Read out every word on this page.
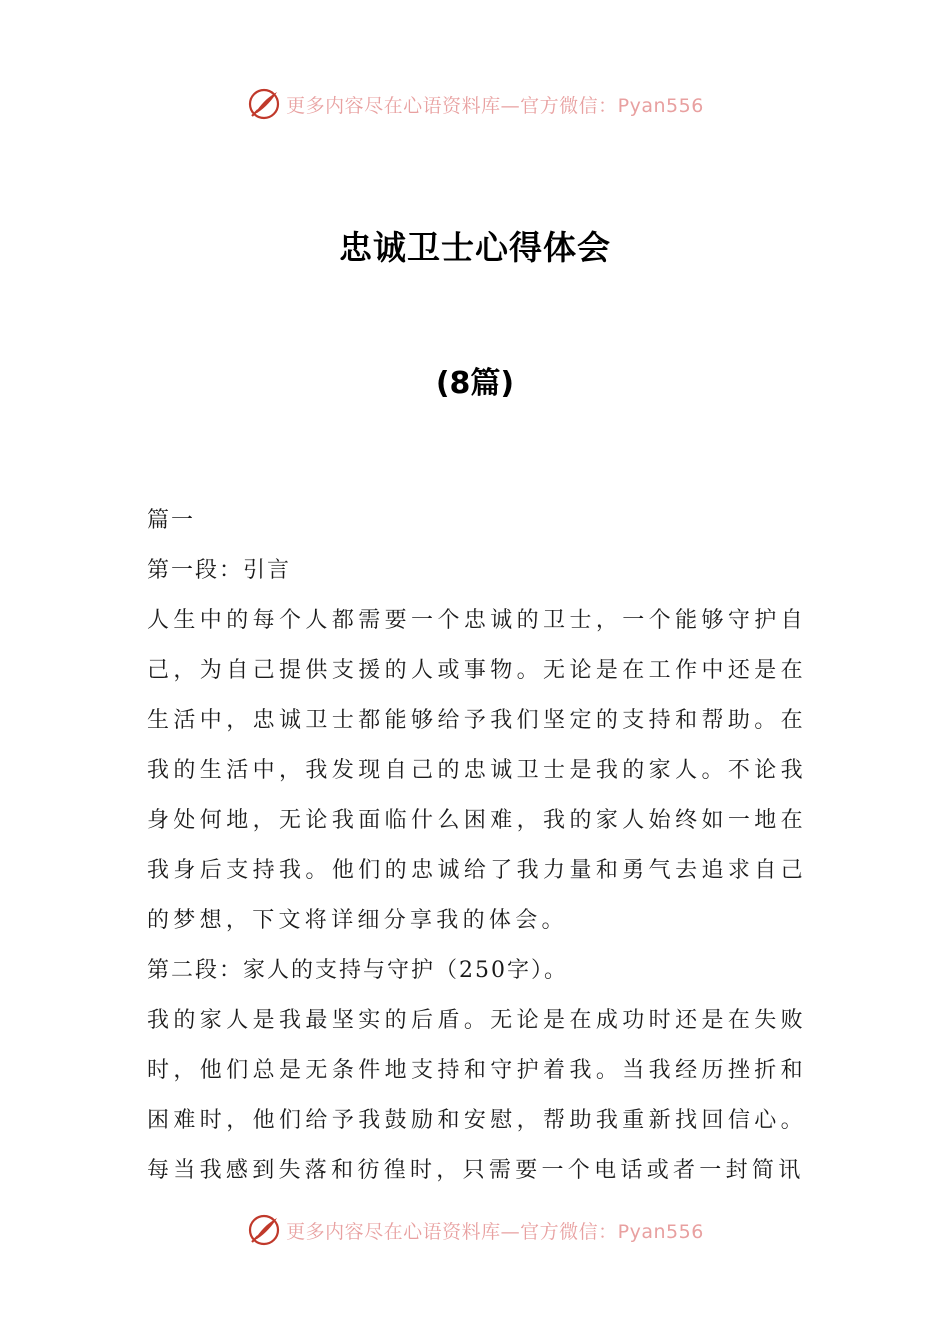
更多内容尽在心语资料库—官方微信：Pyan556
忠诚卫士心得体会
(8篇)

篇一

第一段：引言

人生中的每个人都需要一个忠诚的卫士，一个能够守护自己，为自己提供支援的人或事物。无论是在工作中还是在生活中，忠诚卫士都能够给予我们坚定的支持和帮助。在我的生活中，我发现自己的忠诚卫士是我的家人。不论我身处何地，无论我面临什么困难，我的家人始终如一地在我身后支持我。他们的忠诚给了我力量和勇气去追求自己的梦想，下文将详细分享我的体会。

第二段：家人的支持与守护（250字）。

我的家人是我最坚实的后盾。无论是在成功时还是在失败时，他们总是无条件地支持和守护着我。当我经历挫折和困难时，他们给予我鼓励和安慰，帮助我重新找回信心。每当我感到失落和彷徨时，只需要一个电话或者一封简讯

更多内容尽在心语资料库—官方微信：Pyan556
